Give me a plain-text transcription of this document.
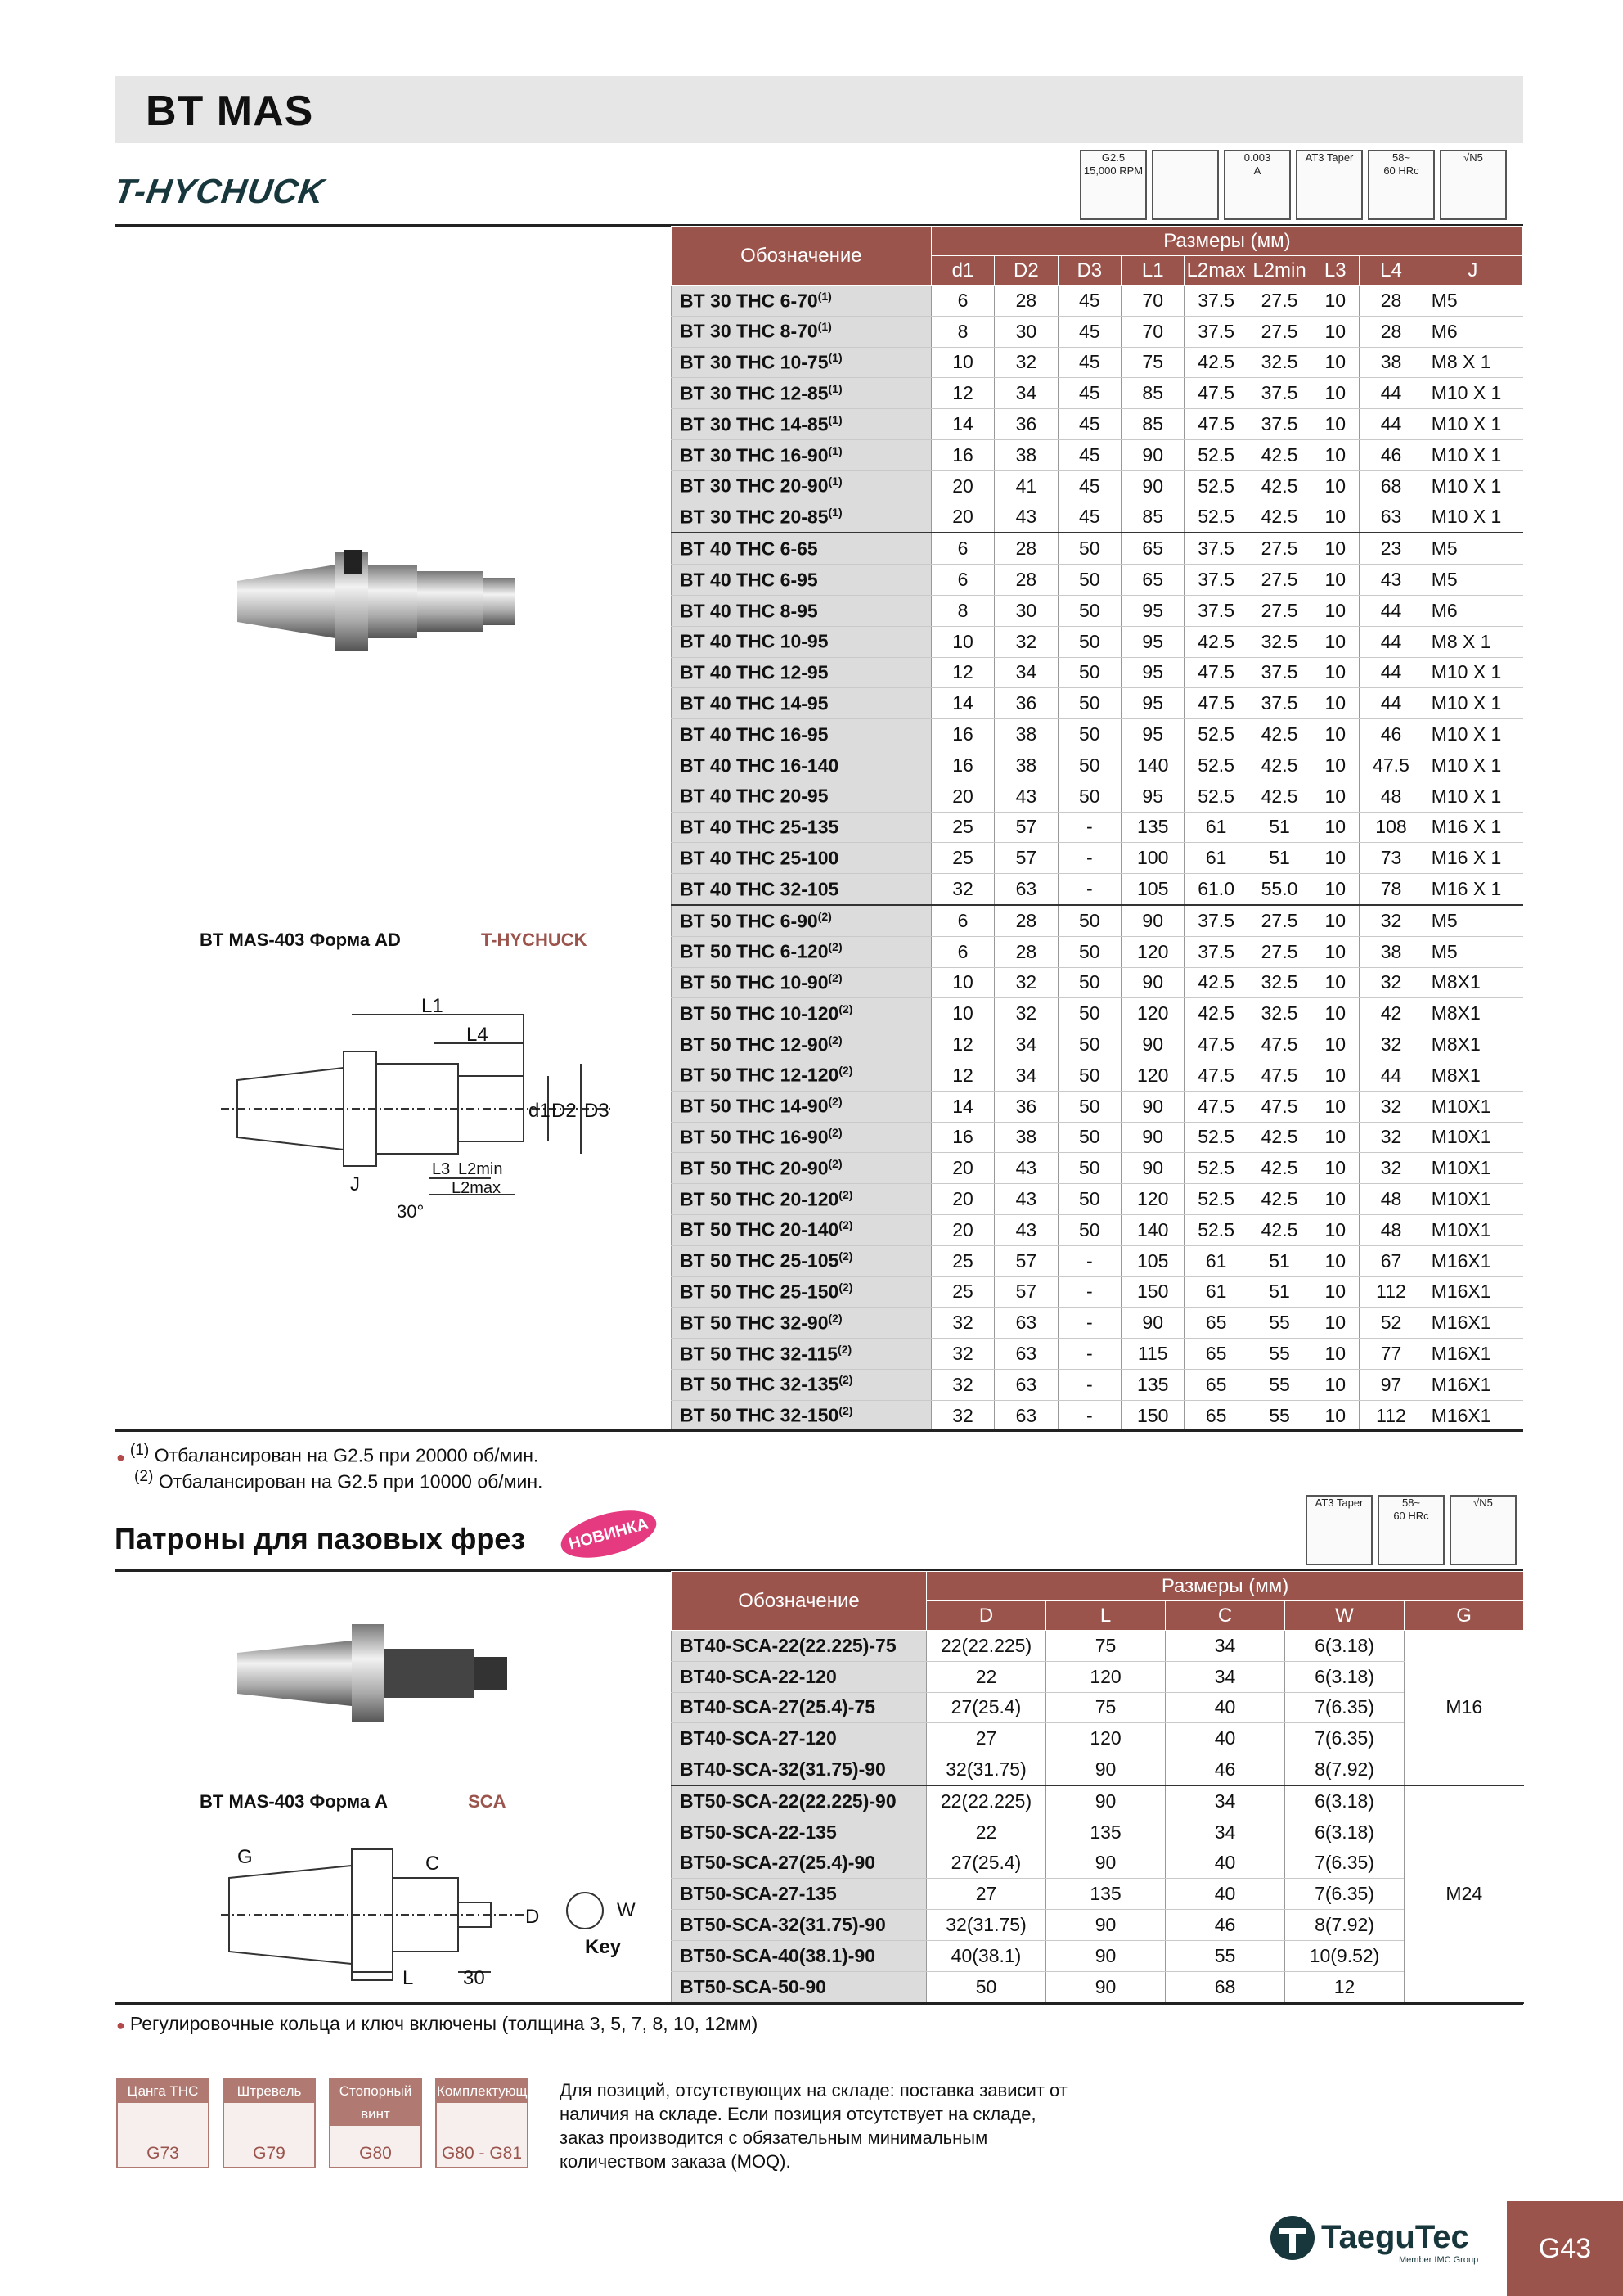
BT MAS
T-HYCHUCK
G2.5
15,000 RPM
0.003
A
AT3 Taper	58~
60 HRc
√N5
BT MAS-403 Форма AD	T-HYCHUCK
L1
L4
d1 D2 D3
J
L3 L2min
L2max
30°
Обозначение	Размеры (мм)								
	d1	D2	D3	L1	L2max	L2min	L3	L4	J
BT 30 THC 6-70$^{(1)}$	6	28	45	70	37.5	27.5	10	28	M5
BT 30 THC 8-70$^{(1)}$	8	30	45	70	37.5	27.5	10	28	M6
BT 30 THC 10-75$^{(1)}$	10	32	45	75	42.5	32.5	10	38	M8 X 1
BT 30 THC 12-85$^{(1)}$	12	34	45	85	47.5	37.5	10	44	M10 X 1
BT 30 THC 14-85$^{(1)}$	14	36	45	85	47.5	37.5	10	44	M10 X 1
BT 30 THC 16-90$^{(1)}$	16	38	45	90	52.5	42.5	10	46	M10 X 1
BT 30 THC 20-90$^{(1)}$	20	41	45	90	52.5	42.5	10	68	M10 X 1
BT 30 THC 20-85$^{(1)}$	20	43	45	85	52.5	42.5	10	63	M10 X 1
BT 40 THC 6-65	6	28	50	65	37.5	27.5	10	23	M5
BT 40 THC 6-95	6	28	50	65	37.5	27.5	10	43	M5
BT 40 THC 8-95	8	30	50	95	37.5	27.5	10	44	M6
BT 40 THC 10-95	10	32	50	95	42.5	32.5	10	44	M8 X 1
BT 40 THC 12-95	12	34	50	95	47.5	37.5	10	44	M10 X 1
BT 40 THC 14-95	14	36	50	95	47.5	37.5	10	44	M10 X 1
BT 40 THC 16-95	16	38	50	95	52.5	42.5	10	46	M10 X 1
BT 40 THC 16-140	16	38	50	140	52.5	42.5	10	47.5	M10 X 1
BT 40 THC 20-95	20	43	50	95	52.5	42.5	10	48	M10 X 1
BT 40 THC 25-135	25	57	-	135	61	51	10	108	M16 X 1
BT 40 THC 25-100	25	57	-	100	61	51	10	73	M16 X 1
BT 40 THC 32-105	32	63	-	105	61.0	55.0	10	78	M16 X 1
BT 50 THC 6-90$^{(2)}$	6	28	50	90	37.5	27.5	10	32	M5
BT 50 THC 6-120$^{(2)}$	6	28	50	120	37.5	27.5	10	38	M5
BT 50 THC 10-90$^{(2)}$	10	32	50	90	42.5	32.5	10	32	M8X1
BT 50 THC 10-120$^{(2)}$	10	32	50	120	42.5	32.5	10	42	M8X1
BT 50 THC 12-90$^{(2)}$	12	34	50	90	47.5	47.5	10	32	M8X1
BT 50 THC 12-120$^{(2)}$	12	34	50	120	47.5	47.5	10	44	M8X1
BT 50 THC 14-90$^{(2)}$	14	36	50	90	47.5	47.5	10	32	M10X1
BT 50 THC 16-90$^{(2)}$	16	38	50	90	52.5	42.5	10	32	M10X1
BT 50 THC 20-90$^{(2)}$	20	43	50	90	52.5	42.5	10	32	M10X1
BT 50 THC 20-120$^{(2)}$	20	43	50	120	52.5	42.5	10	48	M10X1
BT 50 THC 20-140$^{(2)}$	20	43	50	140	52.5	42.5	10	48	M10X1
BT 50 THC 25-105$^{(2)}$	25	57	-	105	61	51	10	67	M16X1
BT 50 THC 25-150$^{(2)}$	25	57	-	150	61	51	10	112	M16X1
BT 50 THC 32-90$^{(2)}$	32	63	-	90	65	55	10	52	M16X1
BT 50 THC 32-115$^{(2)}$	32	63	-	115	65	55	10	77	M16X1
BT 50 THC 32-135$^{(2)}$	32	63	-	135	65	55	10	97	M16X1
BT 50 THC 32-150$^{(2)}$	32	63	-	150	65	55	10	112	M16X1
● $^{(1)}$ Отбалансирован на G2.5 при 20000 об/мин.
$^{(2)}$ Отбалансирован на G2.5 при 10000 об/мин.
Патроны для пазовых фрез	НОВИНКА
AT3 Taper	58~
60 HRc
√N5
BT MAS-403 Форма A	SCA
G	C
D
L	30
W
Key
Обозначение	Размеры (мм)				
	D	L	C	W	G
BT40-SCA-22(22.225)-75	22(22.225)	75	34	6(3.18)	M16
BT40-SCA-22-120	22	120	34	6(3.18)	
BT40-SCA-27(25.4)-75	27(25.4)	75	40	7(6.35)	
BT40-SCA-27-120	27	120	40	7(6.35)	
BT40-SCA-32(31.75)-90	32(31.75)	90	46	8(7.92)	
BT50-SCA-22(22.225)-90	22(22.225)	90	34	6(3.18)	M24
BT50-SCA-22-135	22	135	34	6(3.18)	
BT50-SCA-27(25.4)-90	27(25.4)	90	40	7(6.35)	
BT50-SCA-27-135	27	135	40	7(6.35)	
BT50-SCA-32(31.75)-90	32(31.75)	90	46	8(7.92)	
BT50-SCA-40(38.1)-90	40(38.1)	90	55	10(9.52)	
BT50-SCA-50-90	50	90	68	12	
● Регулировочные кольца и ключ включены (толщина 3, 5, 7, 8, 10, 12мм)
Цанга THC
G73
Штревель
G79
Стопорный винт
G80
Комплектующие
G80 - G81
Для позиций, отсутствующих на складе: поставка зависит от наличия на складе. Если позиция отсутствует на складе, заказ производится с обязательным минимальным количеством заказа (MOQ).
TaeguTec
Member IMC Group	G43
